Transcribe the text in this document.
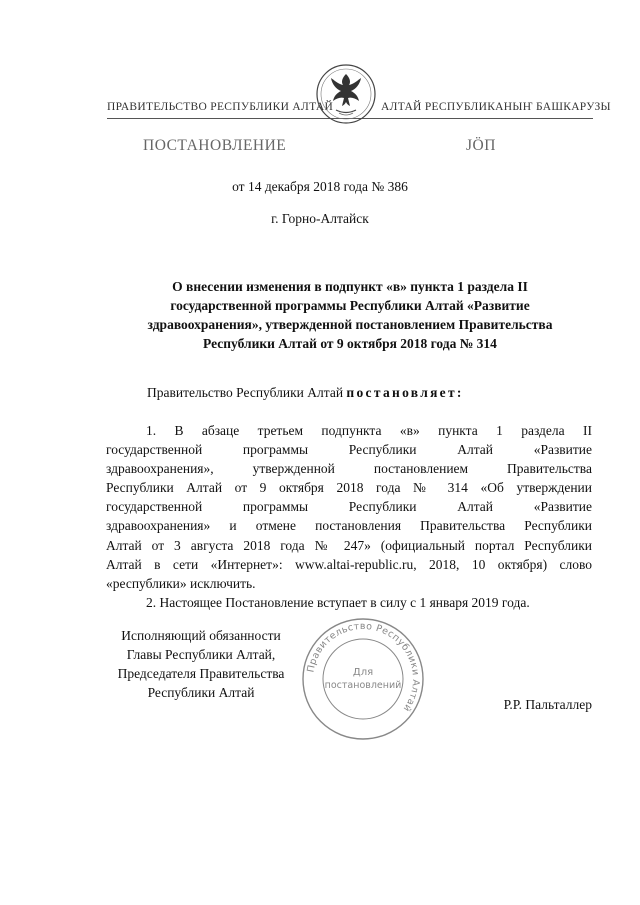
ПРАВИТЕЛЬСТВО РЕСПУБЛИКИ АЛТАЙ	АЛТАЙ РЕСПУБЛИКАНЫҤ БАШКАРУЗЫ
ПОСТАНОВЛЕНИЕ	ЈÖП
от 14 декабря 2018 года № 386
г. Горно-Алтайск
О внесении изменения в подпункт «в» пункта 1 раздела II
государственной программы Республики Алтай «Развитие
здравоохранения», утвержденной постановлением Правительства
Республики Алтай от 9 октября 2018 года № 314
Правительство Республики Алтай постановляет:
1. В абзаце третьем подпункта «в» пункта 1 раздела II
государственной программы Республики Алтай «Развитие
здравоохранения», утвержденной постановлением Правительства
Республики Алтай от 9 октября 2018 года № 314 «Об утверждении
государственной программы Республики Алтай «Развитие
здравоохранения» и отмене постановления Правительства Республики
Алтай от 3 августа 2018 года № 247» (официальный портал Республики
Алтай в сети «Интернет»: www.altai-republic.ru, 2018, 10 октября) слово
«республики» исключить.
2. Настоящее Постановление вступает в силу с 1 января 2019 года.
Исполняющий обязанности
Главы Республики Алтай,
Председателя Правительства
Республики Алтай
Правительство Республики Алтай
Для
постановлений
Р.Р. Пальталлер
